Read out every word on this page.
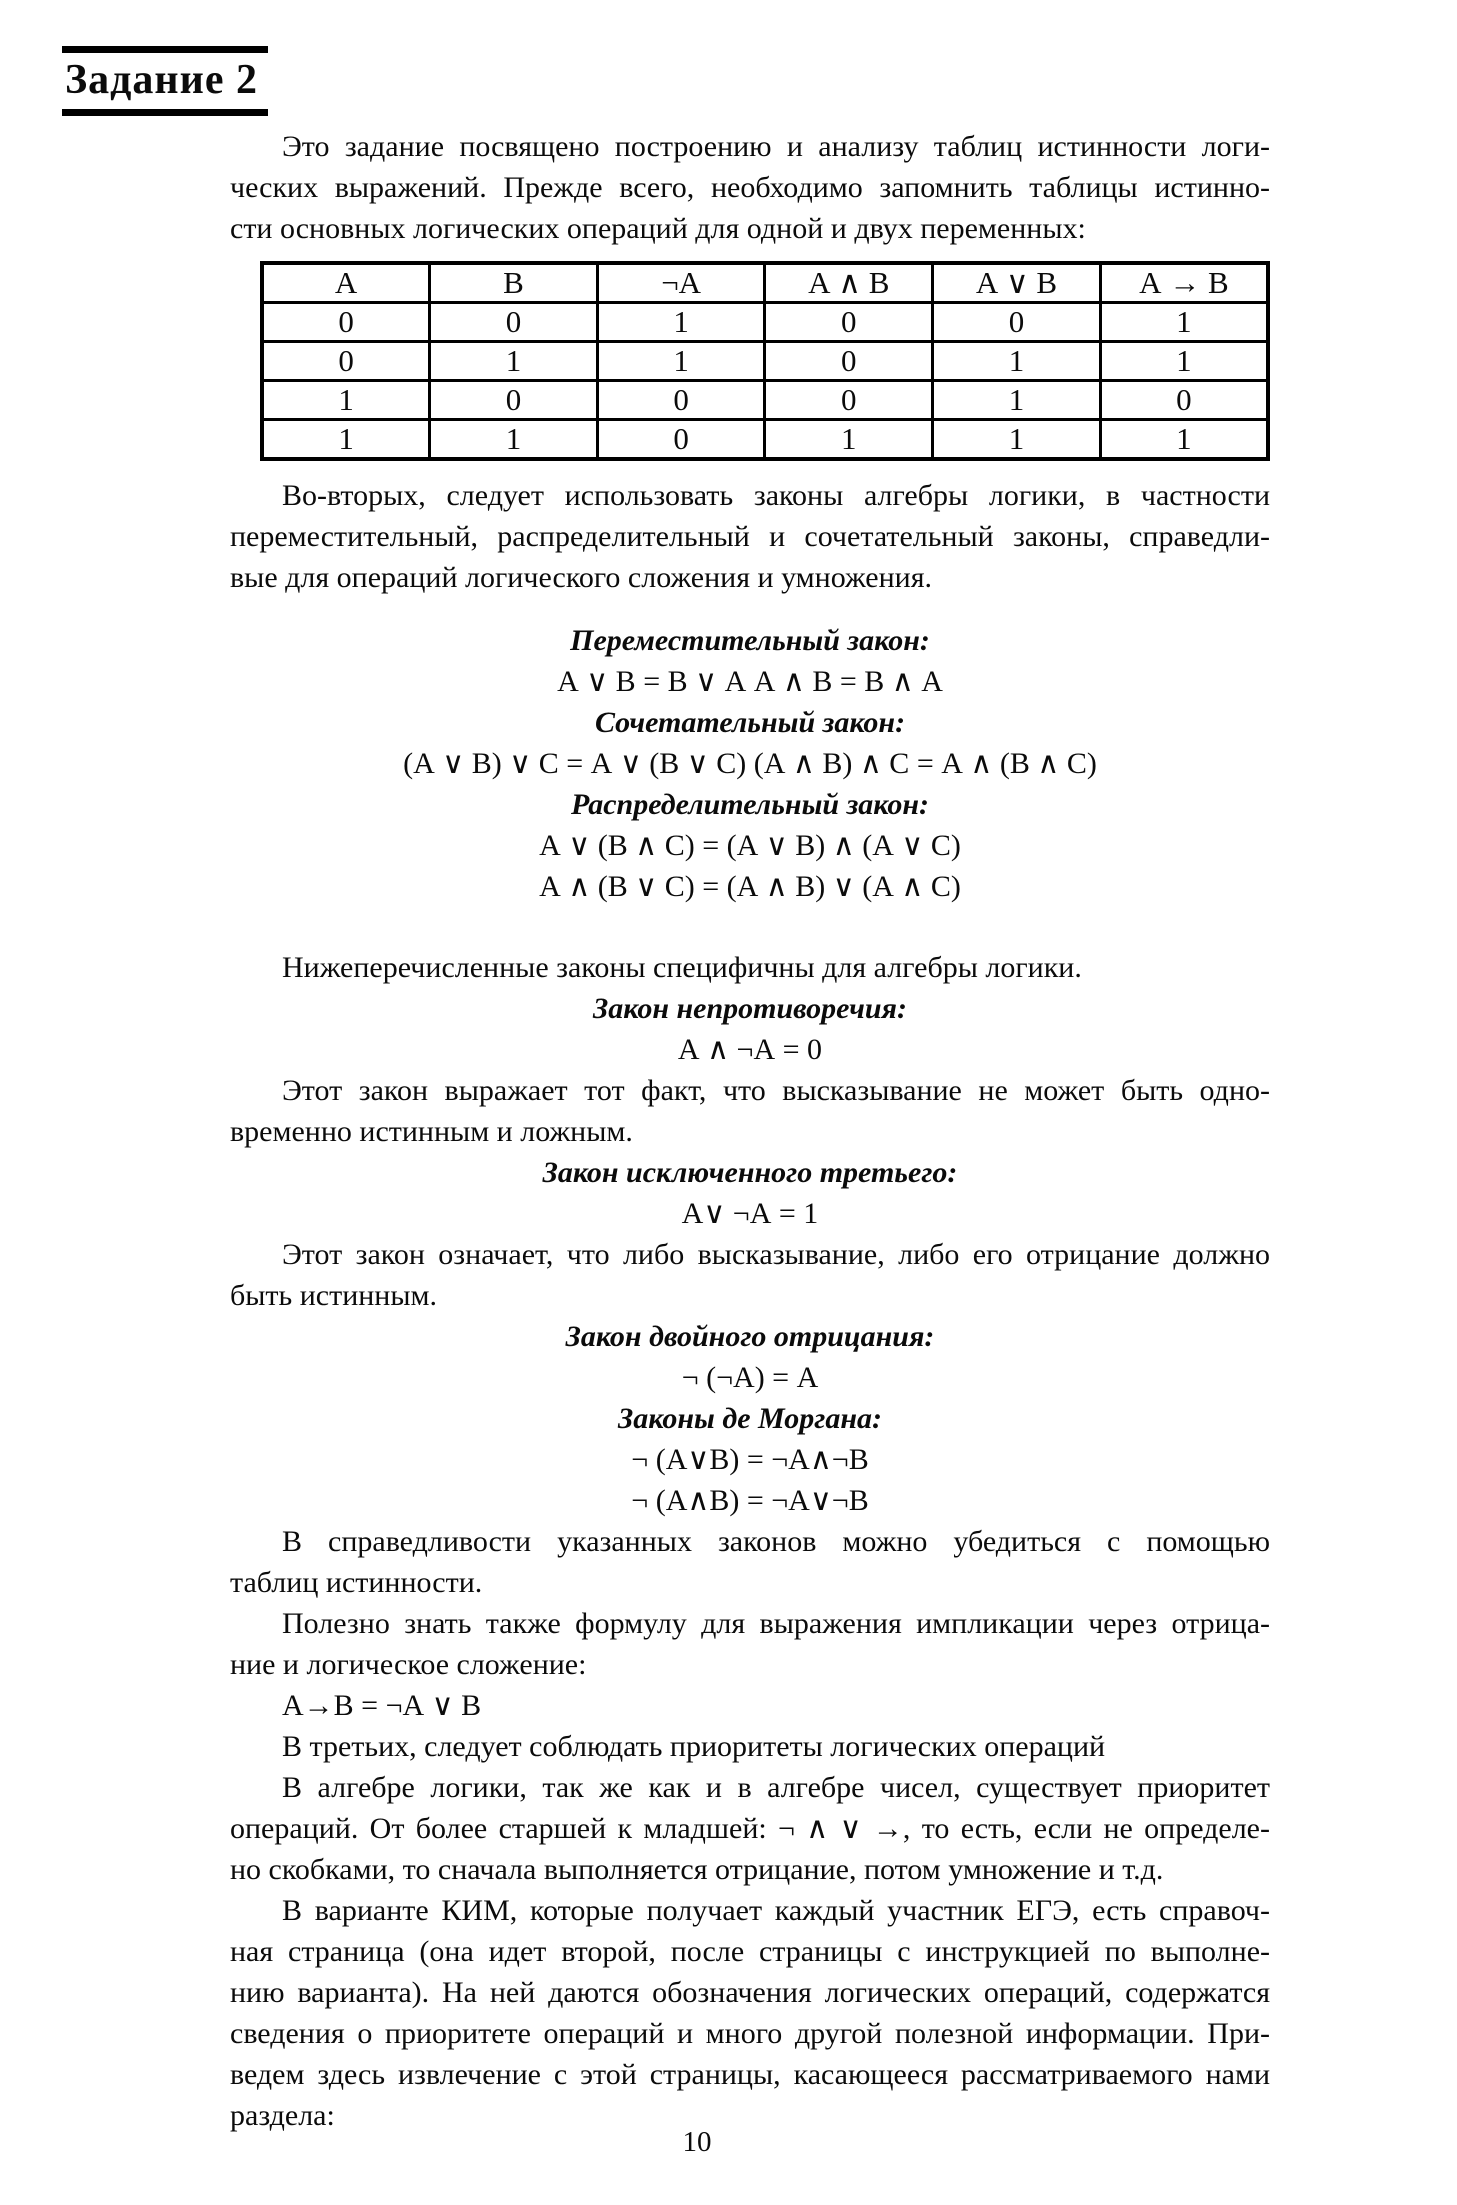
Задание 2
Это задание посвящено построению и анализу таблиц истинности логи-
ческих выражений. Прежде всего, необходимо запомнить таблицы истинно-
сти основных логических операций для одной и двух переменных:
А	В	¬А	А ∧ В	А ∨ В	А → В
0	0	1	0	0	1
0	1	1	0	1	1
1	0	0	0	1	0
1	1	0	1	1	1
Во-вторых, следует использовать законы алгебры логики, в частности
переместительный, распределительный и сочетательный законы, справедли-
вые для операций логического сложения и умножения.
Переместительный закон:
А ∨ В = В ∨ А А ∧ В = В ∧ А
Сочетательный закон:
(А ∨ В) ∨ С = А ∨ (В ∨ С) (А ∧ В) ∧ С = А ∧ (В ∧ С)
Распределительный закон:
А ∨ (В ∧ С) = (А ∨ В) ∧ (А ∨ С)
А ∧ (В ∨ С) = (А ∧ В) ∨ (А ∧ С)
Нижеперечисленные законы специфичны для алгебры логики.
Закон непротиворечия:
А ∧ ¬А = 0
Этот закон выражает тот факт, что высказывание не может быть одно-
временно истинным и ложным.
Закон исключенного третьего:
А∨ ¬А = 1
Этот закон означает, что либо высказывание, либо его отрицание должно
быть истинным.
Закон двойного отрицания:
¬ (¬А) = А
Законы де Моргана:
¬ (А∨В) = ¬А∧¬В
¬ (А∧В) = ¬А∨¬В
В справедливости указанных законов можно убедиться с помощью
таблиц истинности.
Полезно знать также формулу для выражения импликации через отрица-
ние и логическое сложение:
А→В = ¬А ∨ В
В третьих, следует соблюдать приоритеты логических операций
В алгебре логики, так же как и в алгебре чисел, существует приоритет
операций. От более старшей к младшей: ¬ ∧ ∨ →, то есть, если не определе-
но скобками, то сначала выполняется отрицание, потом умножение и т.д.
В варианте КИМ, которые получает каждый участник ЕГЭ, есть справоч-
ная страница (она идет второй, после страницы с инструкцией по выполне-
нию варианта). На ней даются обозначения логических операций, содержатся
сведения о приоритете операций и много другой полезной информации. При-
ведем здесь извлечение с этой страницы, касающееся рассматриваемого нами
раздела:
10
